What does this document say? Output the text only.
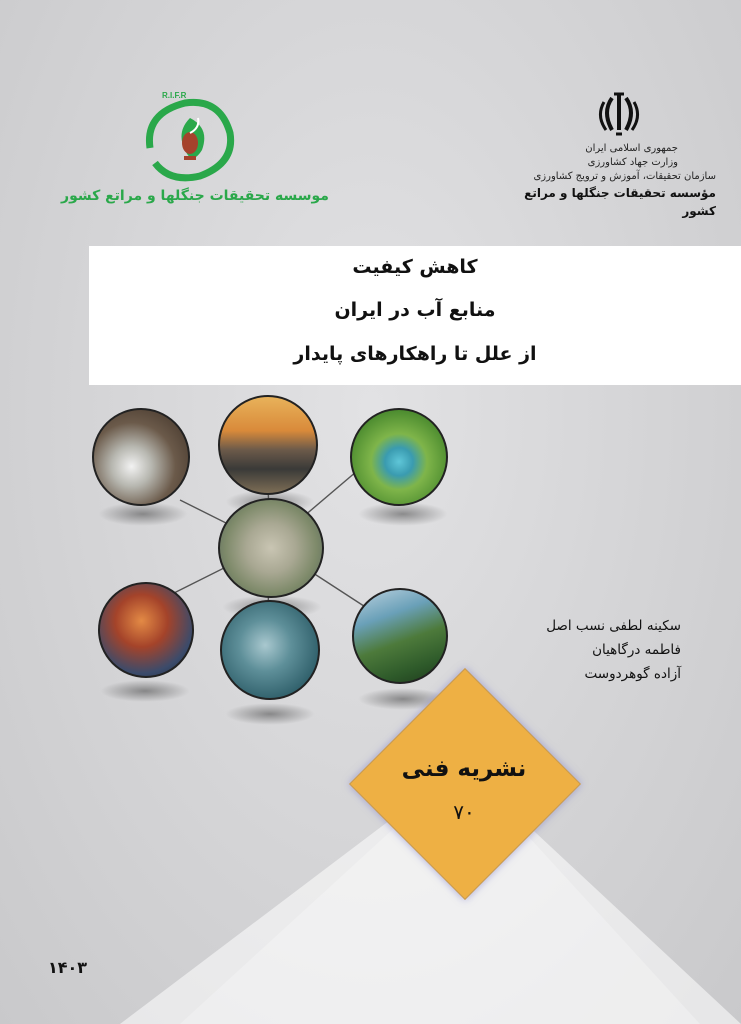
R.I.F.R
موسسه تحقیقات جنگلها و مراتع کشور
جمهوری اسلامی ایران
وزارت جهاد کشاورزی
سازمان تحقیقات، آموزش و ترویج کشاورزی
مؤسسه تحقیقات جنگلها و مراتع کشور
کاهش کیفیت
منابع آب در ایران
از علل تا راهکارهای پایدار
سکینه لطفی نسب اصل
فاطمه درگاهیان
آزاده گوهردوست
نشریه فنی
۷۰
۱۴۰۳
